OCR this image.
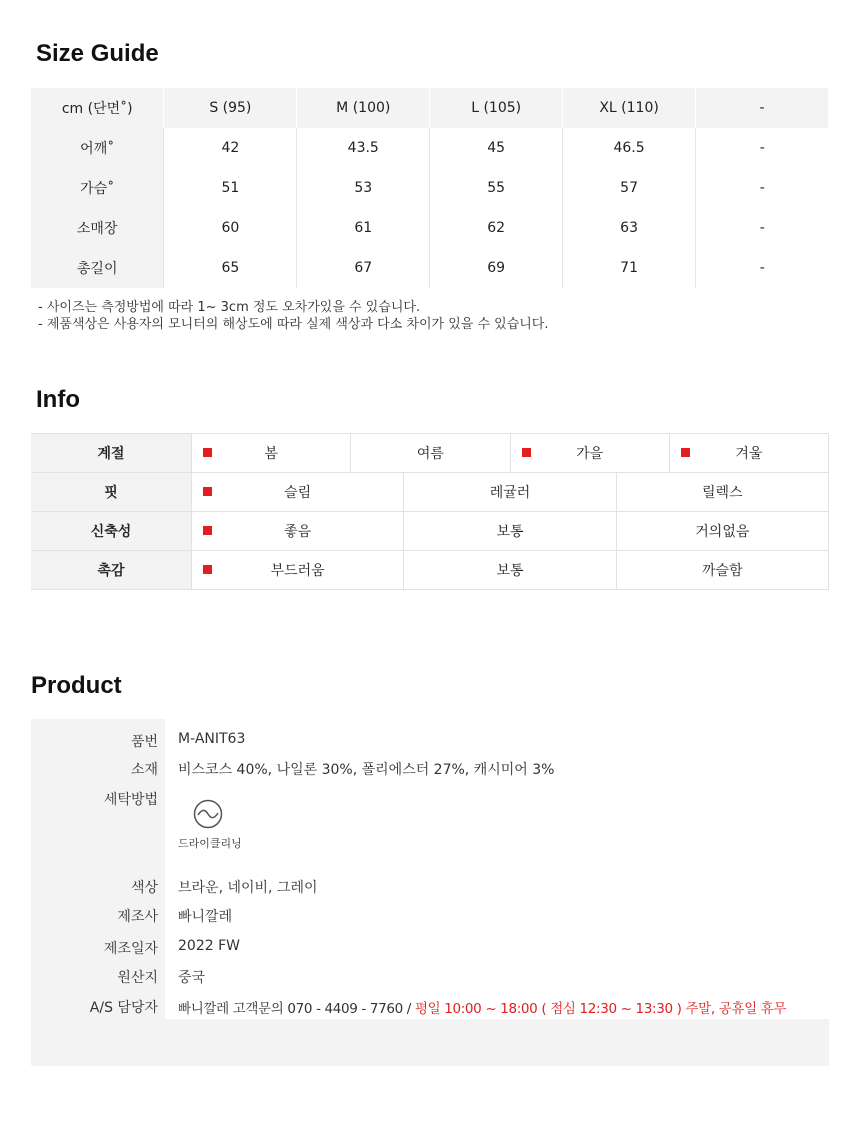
Size Guide
cm (단면˚)	S (95)	M (100)	L (105)	XL (110)	-
어깨˚	42	43.5	45	46.5	-
가슴˚	51	53	55	57	-
소매장	60	61	62	63	-
총길이	65	67	69	71	-
- 사이즈는 측정방법에 따라 1~ 3cm 정도 오차가있을 수 있습니다.
- 제품색상은 사용자의 모니터의 해상도에 따라 실제 색상과 다소 차이가 있을 수 있습니다.
Info
계절	봄	여름	가을	겨울
핏	슬림	레귤러	릴렉스
신축성	좋음	보통	거의없음
촉감	부드러움	보통	까슬함
Product
품번 M-ANIT63
소재 비스코스 40%, 나일론 30%, 폴리에스터 27%, 캐시미어 3%
세탁방법
드라이클리닝
색상 브라운, 네이비, 그레이
제조사 빠니깔레
제조일자 2022 FW
원산지 중국
A/S 담당자 빠니깔레 고객문의 070 - 4409 - 7760 / 평일 10:00 ~ 18:00 ( 점심 12:30 ~ 13:30 ) 주말, 공휴일 휴무
